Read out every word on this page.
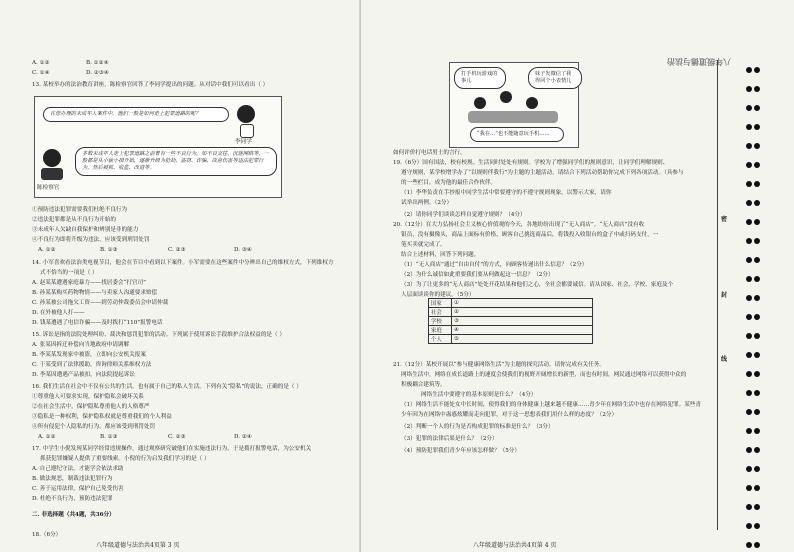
A. ①②	B. ①②④
C. ①④	D. ②③④
13. 某校举办的法治教育讲座，陈检察官回答了李同学提出的问题。从对话中我们可以看出（ ）
①预防违法犯罪需要我们杜绝不良行为
②违法犯罪都是从不良行为开始的
③未成年人欠缺自我保护和辨别是非的能力
④不良行为即将升级为违法，应该受到刑罚处罚
A. ①②	B. ①③	C. ②③	D. ③④
14. 小军喜欢看法治类电视节目，他会在节目中看到以下案件。小军需要在这些案件中分辨出自己的维权方式，下列维权方
式不恰当的一项是（ ）
A. 赵某某遭遇家庭暴力——找居委会“打官司”
B. 孙某某购买药物物情——与卖家人沟通要求赔偿
C. 孙某被公司拖欠工资——到劳动仲裁委员会申请仲裁
D. 在外被他人打——
D. 钱某遭遇了电信诈骗——及时拨打“110”报警电话
15. 诉讼是指的法院处理纠纷、裁决和惩罚犯罪的活动。下列属于使用诉讼手段维护合法权益的是（ ）
A. 张某因拆迁补偿向当地政府申请调解
B. 李某某发现家中被盗，立即向公安机关报案
C. 于某受到了法律援助，咨询律师关系维权方法
D. 李某因遭遇产品被扣，向法院提起诉讼
16. 我们生活在社会中不仅有公共的生活，也有属于自己的私人生活。下列有关“隐私”的说法，正确的是（ ）
①尊重他人可要求实现，保护隐私会破坏关系
②在社会生活中，保护隐私尊重他人的人格尊严
③隐私是一种权利，保护隐私权就是尊重我们的个人利益
④所有侵犯个人隐私的行为，都应该受到刑罚处罚
A. ①②	B. ①③	C. ②③	D. ②④
17. 中学生小倪发现某同学经常违规操作，通过观察研究破他们在实施违法行为，于是拨打报警电话，为公安机关
抓获犯罪嫌疑人提供了重要线索。小倪的行为启发我们学习的是（ ）
A. 自己遵纪守法，才能学会依法求助
B. 做法规恶，制裁违法犯罪行为
C. 善于运用法律，保护自己免受伤害
D. 杜绝不良行为，预防违法犯罪
二. 非选择题（共4题，共36分）
18.（6分）
在您办理的未成年人案件中，他们一般是如何走上犯罪道路的呢？
李同学
陈检察官
多数未成年人走上犯罪道路之前曾有一些不良行为，如不良交往、沉迷网络等，一般都是从小偷小摸开始，逐渐升级为抢劫、盗窃、诈骗、故意伤害等违法犯罪行为，然后被抓、收监、改造等。
八年级道德与法治共4页第 3 页
八年级道德与法治
打手机玩游戏的事儿
妹子发微信了我得回个小表情儿
“我在…”也不能随意玩手机……
如何评价打电话男士的言行。
19.（6分）国有国法，校有校规。生活同时处处有规则。学校为了增强同学们的规则意识，让同学们理解规则、
遵守规则，某学校增学办了“以规则伴我行”为主题的主题活动，请结合下列活动帮助你完成下列各项活动。（具参与
的一些栏目，成为他的最佳合作伙伴。
（1）李华负责在手抄报中同学生活中常要遵守的不遵守规则现象，以警示大家，请你
试举出两例。（2分）
（2）请你同学们谈谈怎样自觉遵守规则？（4分）
20.（12分）在大力弘扬社会主义核心价值观的今天，各地纷纷出现了“无人商店”。“无人商店”没有收
银员，没有摄像头，商品上面标有价格，顾客自己挑选商品后，将钱投入收银台的盒子中或扫码支付，一
笔买卖就完成了。
结合上述材料，回答下列问题。
（1）“无人商店”通过“自由自付”的方式，向顾客传递出什么信息？（2分）
（2）为什么诚信如此重要我们要从何做起这一信息？（2分）
（3）为了让更多的“无人商店”处处开花结果和他们之心，全社会都要诚信。请从国家、社会、学校、家庭及个
人层面谈谈你的建议。（5分）
21.（12分）某校开展以“参与健康网络生活”为主题的探究活动，请你完成有关任务。
网络生活中，网络在成长道路上的速度会使我们的视野开阔增长的新型，而也有时间，网民通过网络可以获得中众的
积极耦合建筑等。
网络生活中要遵守的基本原则是什么？（4分）
（1）网络生活不能处女中长时间，使得我们的身体健康上越来越不健康……青少年在网络生活中也存在网络犯罪。某些青
少年因为在网络中蛊惑炫耀而走向犯罪，对于这一思想表我们用什么样的态度？（2分）
（2）判断一个人的行为是否构成犯罪的标准是什么？（3分）
（3）犯罪的法律后果是什么？（2分）
（4）预防犯罪我们青少年应该怎样做？（5分）
八年级道德与法治共4页第 4 页
密
封
线
国家	①
社会	②
学校	③
家庭	④
个人	⑤
